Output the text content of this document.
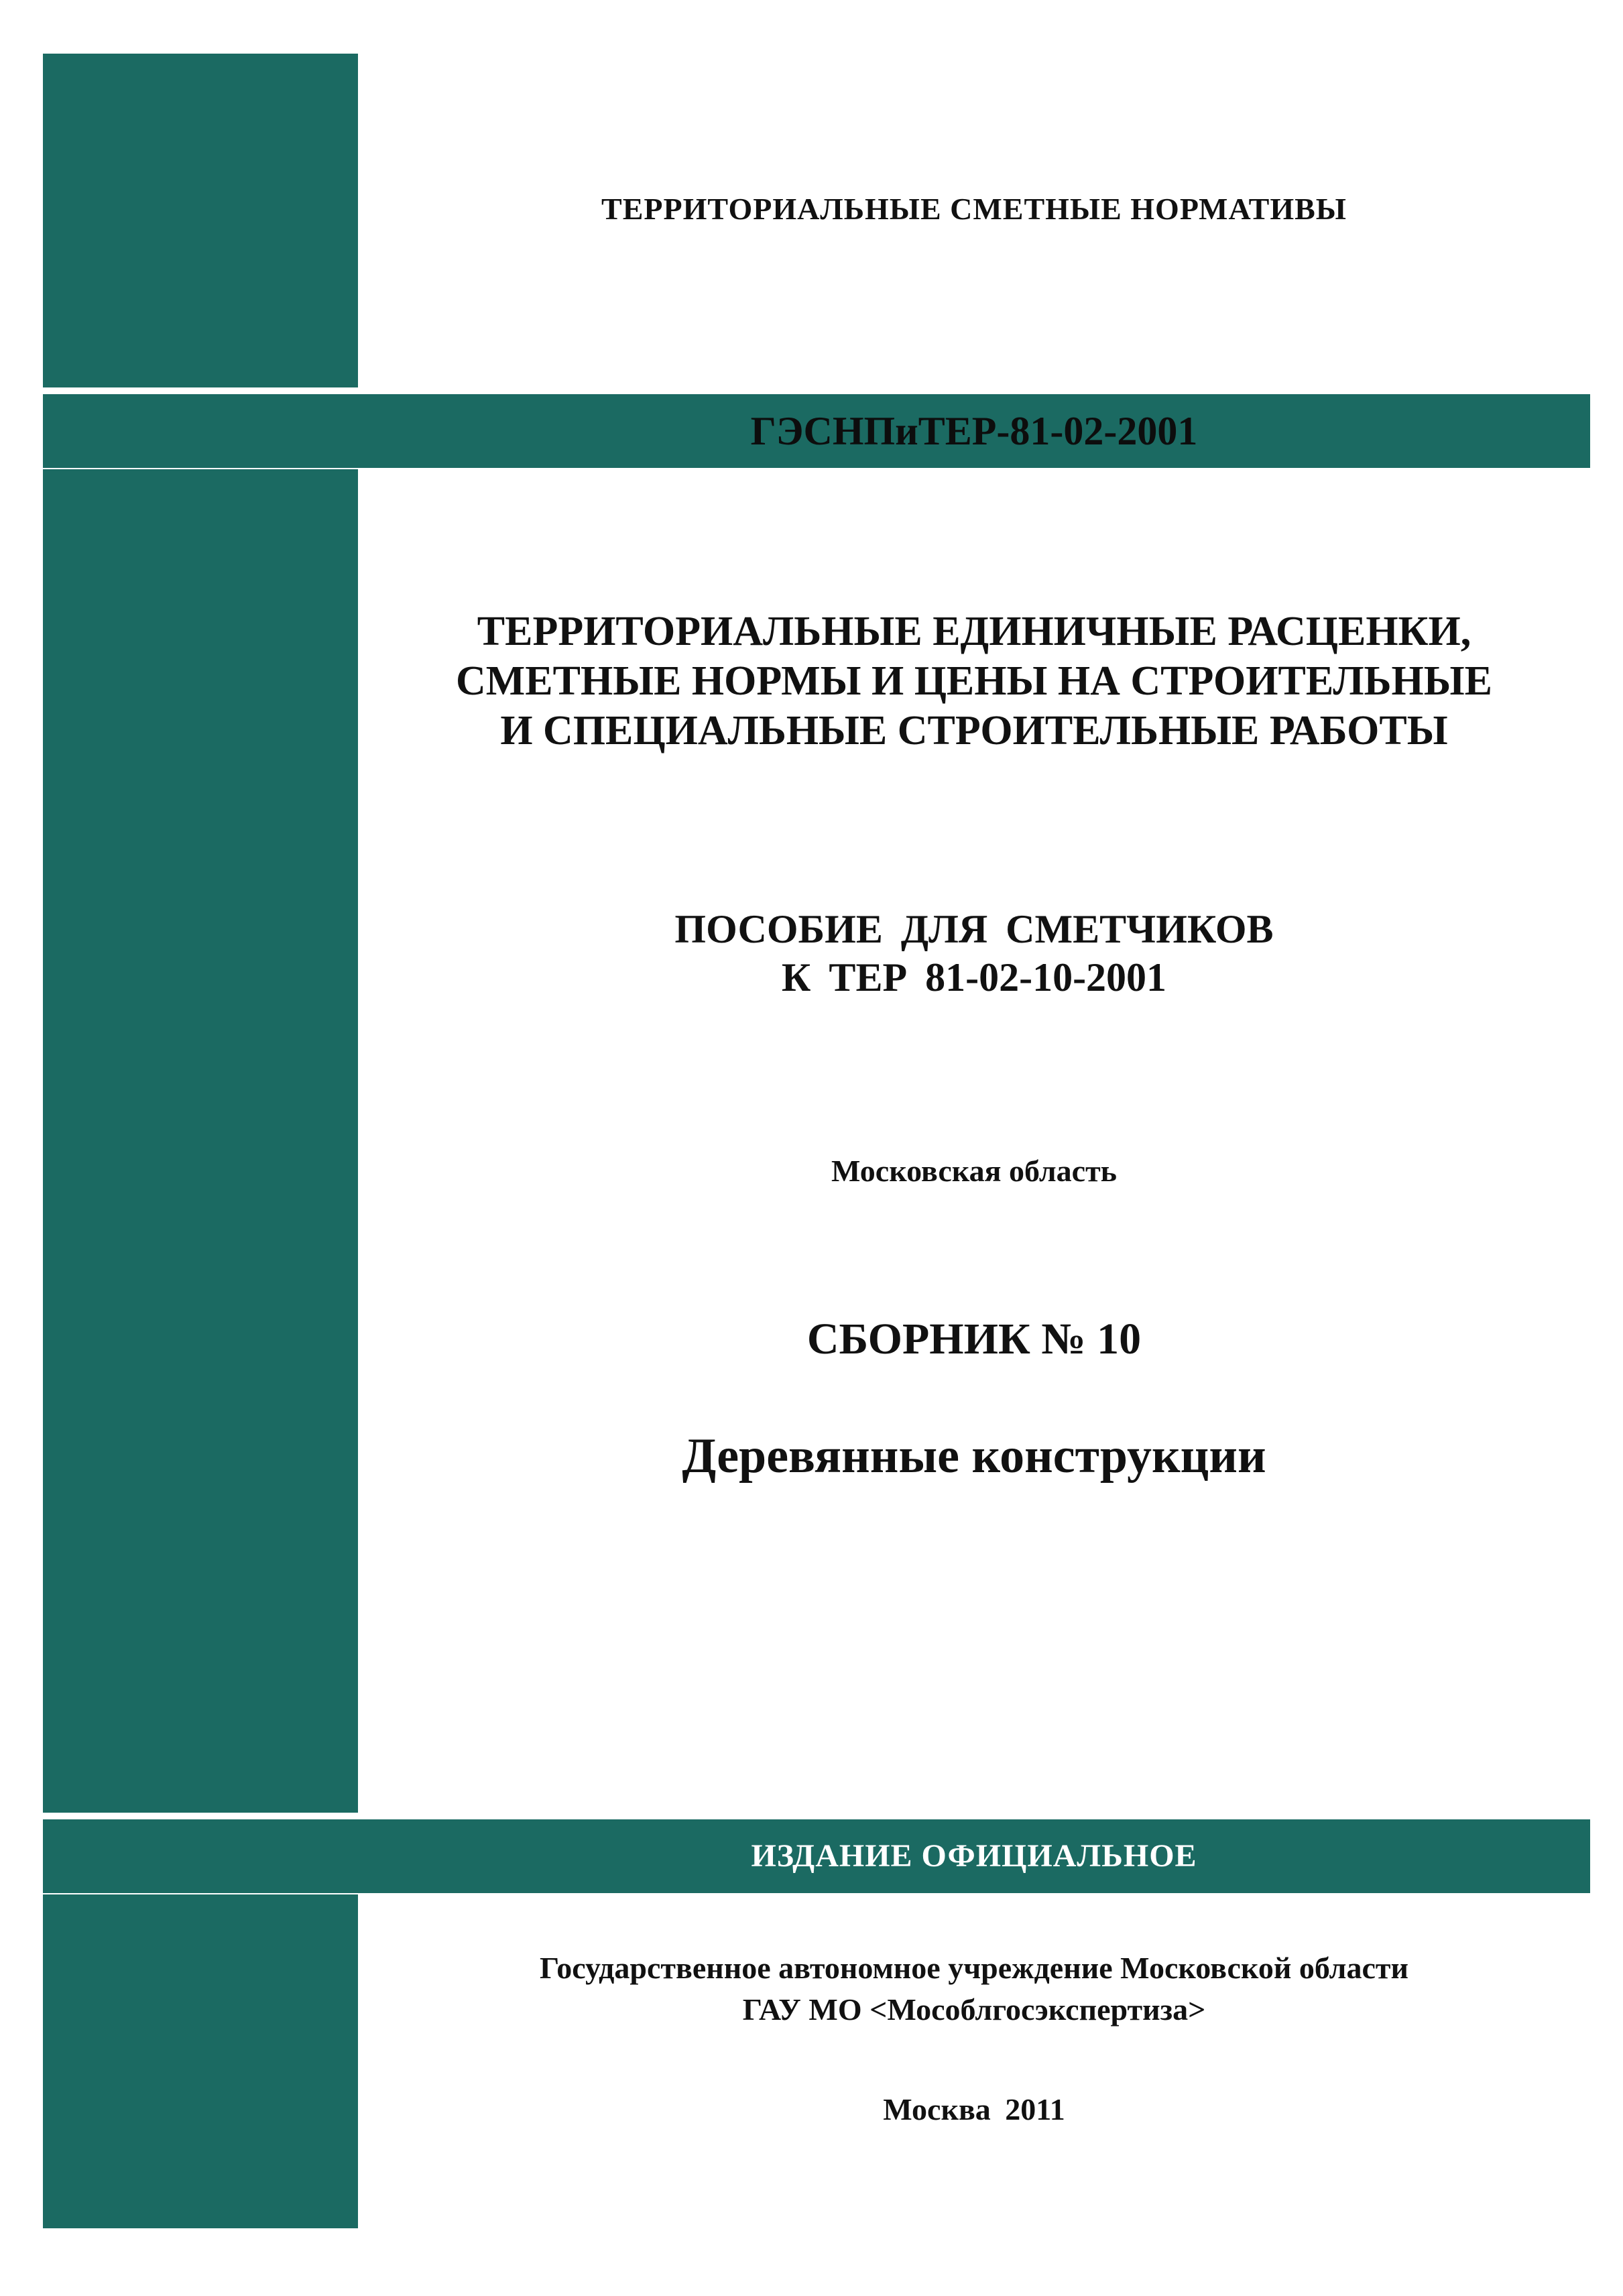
ТЕРРИТОРИАЛЬНЫЕ СМЕТНЫЕ НОРМАТИВЫ
ГЭСНПиТЕР-81-02-2001
ТЕРРИТОРИАЛЬНЫЕ ЕДИНИЧНЫЕ РАСЦЕНКИ,
СМЕТНЫЕ НОРМЫ И ЦЕНЫ НА СТРОИТЕЛЬНЫЕ
И СПЕЦИАЛЬНЫЕ СТРОИТЕЛЬНЫЕ РАБОТЫ
ПОСОБИЕ ДЛЯ СМЕТЧИКОВ
К ТЕР 81-02-10-2001
Московская область
СБОРНИК № 10
Деревянные конструкции
ИЗДАНИЕ ОФИЦИАЛЬНОЕ
Государственное автономное учреждение Московской области
ГАУ МО <Мособлгосэкспертиза>
Москва 2011
